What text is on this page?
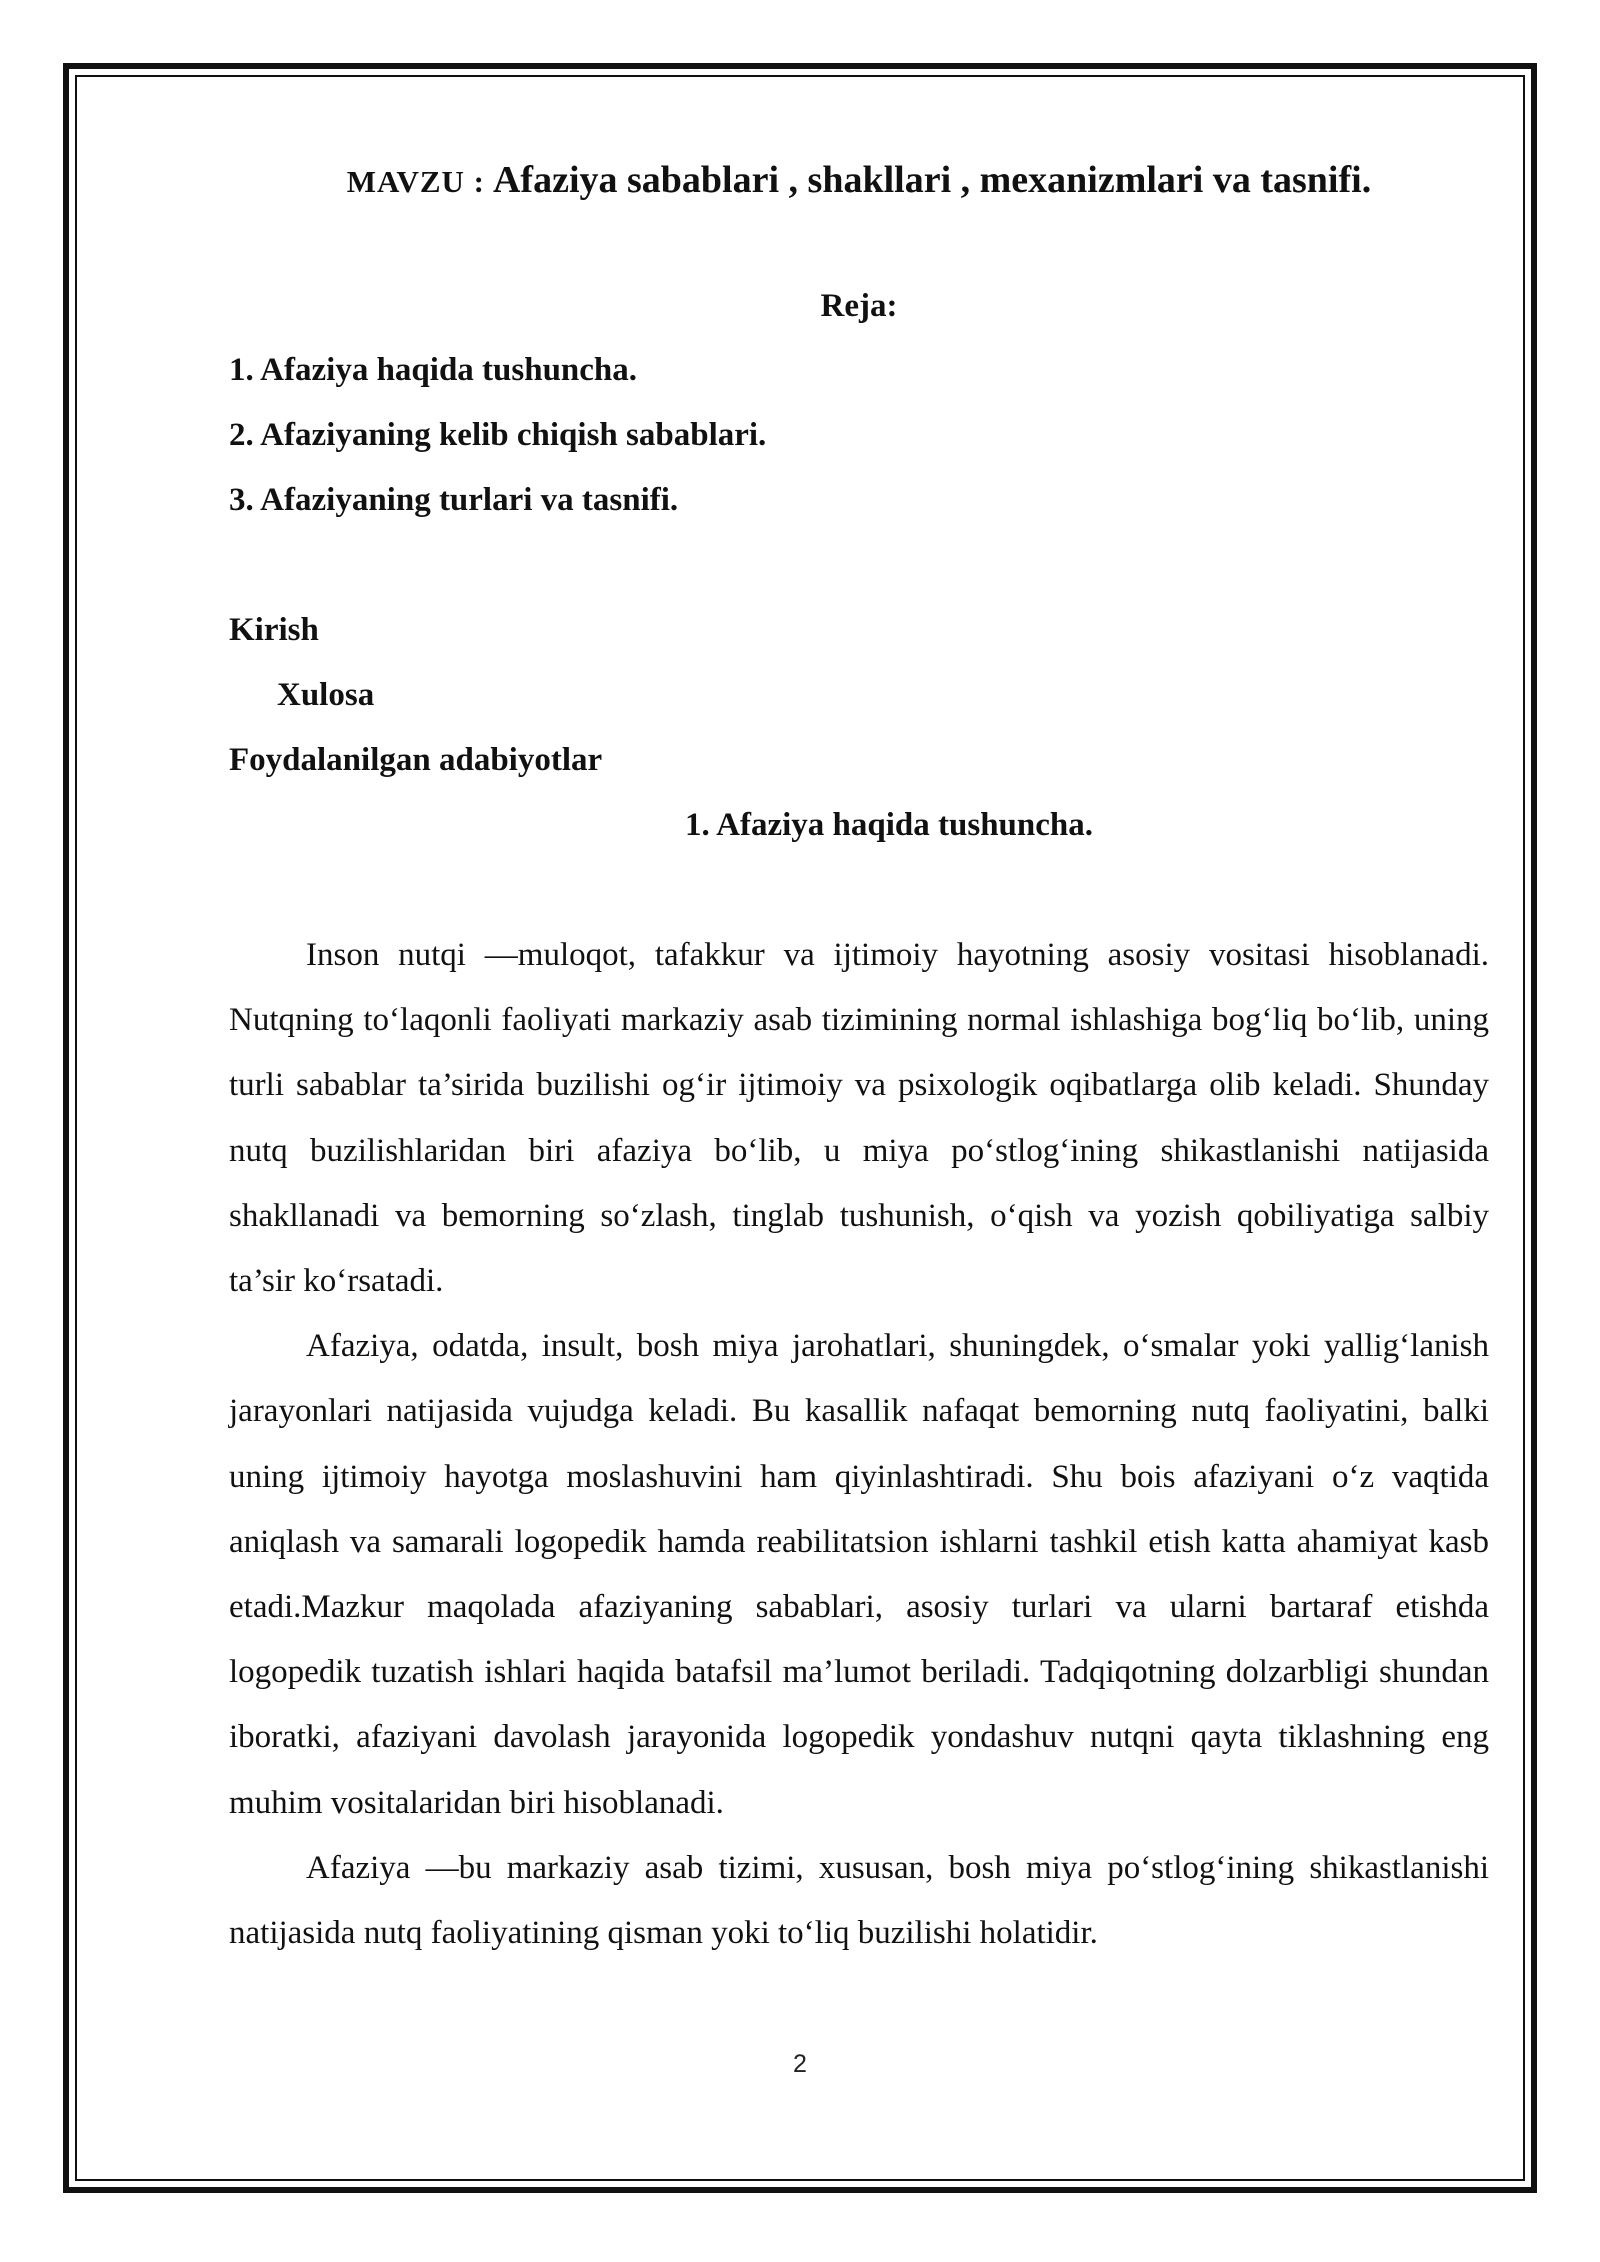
MAVZU : Afaziya sabablari , shakllari , mexanizmlari va tasnifi.
Reja:
1. Afaziya haqida tushuncha.
2. Afaziyaning kelib chiqish sabablari.
3. Afaziyaning turlari va tasnifi.
Kirish
Xulosa
Foydalanilgan adabiyotlar
1. Afaziya haqida tushuncha.

Inson nutqi —muloqot, tafakkur va ijtimoiy hayotning asosiy vositasi hisoblanadi. Nutqning to‘laqonli faoliyati markaziy asab tizimining normal ishlashiga bog‘liq bo‘lib, uning turli sabablar ta’sirida buzilishi og‘ir ijtimoiy va psixologik oqibatlarga olib keladi. Shunday nutq buzilishlaridan biri afaziya bo‘lib, u miya po‘stlog‘ining shikastlanishi natijasida shakllanadi va bemorning so‘zlash, tinglab tushunish, o‘qish va yozish qobiliyatiga salbiy ta’sir ko‘rsatadi.

Afaziya, odatda, insult, bosh miya jarohatlari, shuningdek, o‘smalar yoki yallig‘lanish jarayonlari natijasida vujudga keladi. Bu kasallik nafaqat bemorning nutq faoliyatini, balki uning ijtimoiy hayotga moslashuvini ham qiyinlashtiradi. Shu bois afaziyani o‘z vaqtida aniqlash va samarali logopedik hamda reabilitatsion ishlarni tashkil etish katta ahamiyat kasb etadi.Mazkur maqolada afaziyaning sabablari, asosiy turlari va ularni bartaraf etishda logopedik tuzatish ishlari haqida batafsil ma’lumot beriladi. Tadqiqotning dolzarbligi shundan iboratki, afaziyani davolash jarayonida logopedik yondashuv nutqni qayta tiklashning eng muhim vositalaridan biri hisoblanadi.

Afaziya —bu markaziy asab tizimi, xususan, bosh miya po‘stlog‘ining shikastlanishi natijasida nutq faoliyatining qisman yoki to‘liq buzilishi holatidir.

2
